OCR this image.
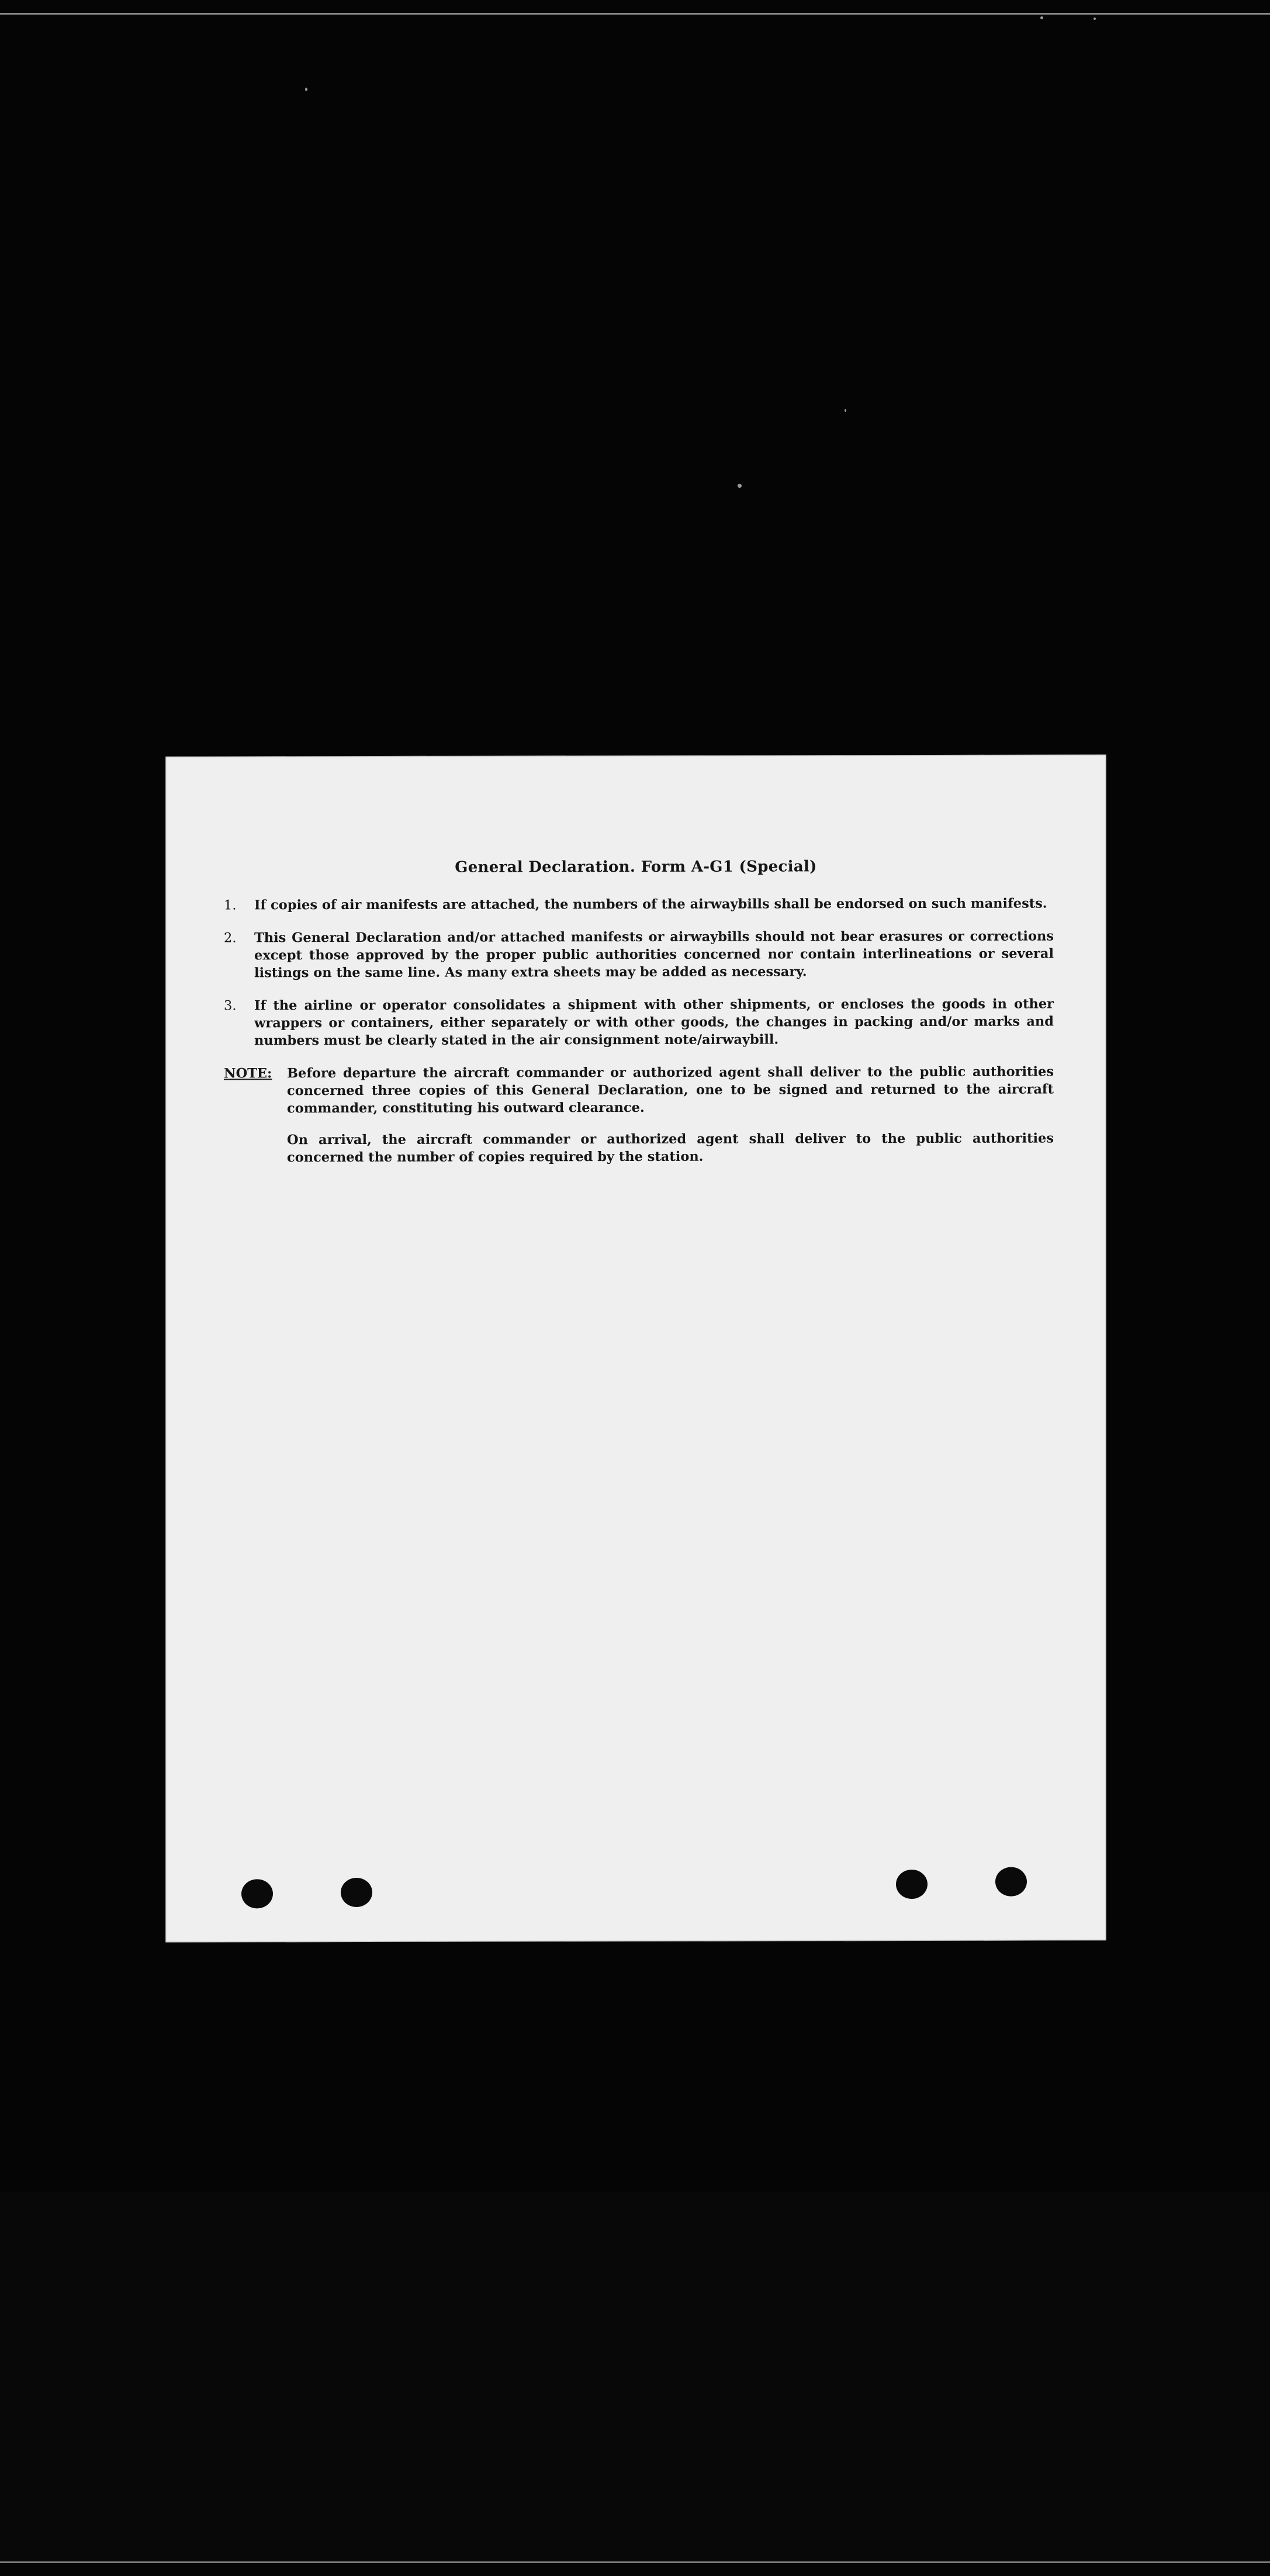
General Declaration. Form A-G1 (Special)
1.	If copies of air manifests are attached, the numbers of the airwaybills shall be endorsed on such manifests.
2.	This General Declaration and/or attached manifests or airwaybills should not bear erasures or corrections except those approved by the proper public authorities concerned nor contain interlineations or several listings on the same line. As many extra sheets may be added as necessary.
3.	If the airline or operator consolidates a shipment with other shipments, or encloses the goods in other wrappers or containers, either separately or with other goods, the changes in packing and/or marks and numbers must be clearly stated in the air consignment note/airwaybill.
NOTE:	Before departure the aircraft commander or authorized agent shall deliver to the public authorities concerned three copies of this General Declaration, one to be signed and returned to the aircraft commander, constituting his outward clearance.

On arrival, the aircraft commander or authorized agent shall deliver to the public authorities concerned the number of copies required by the station.
